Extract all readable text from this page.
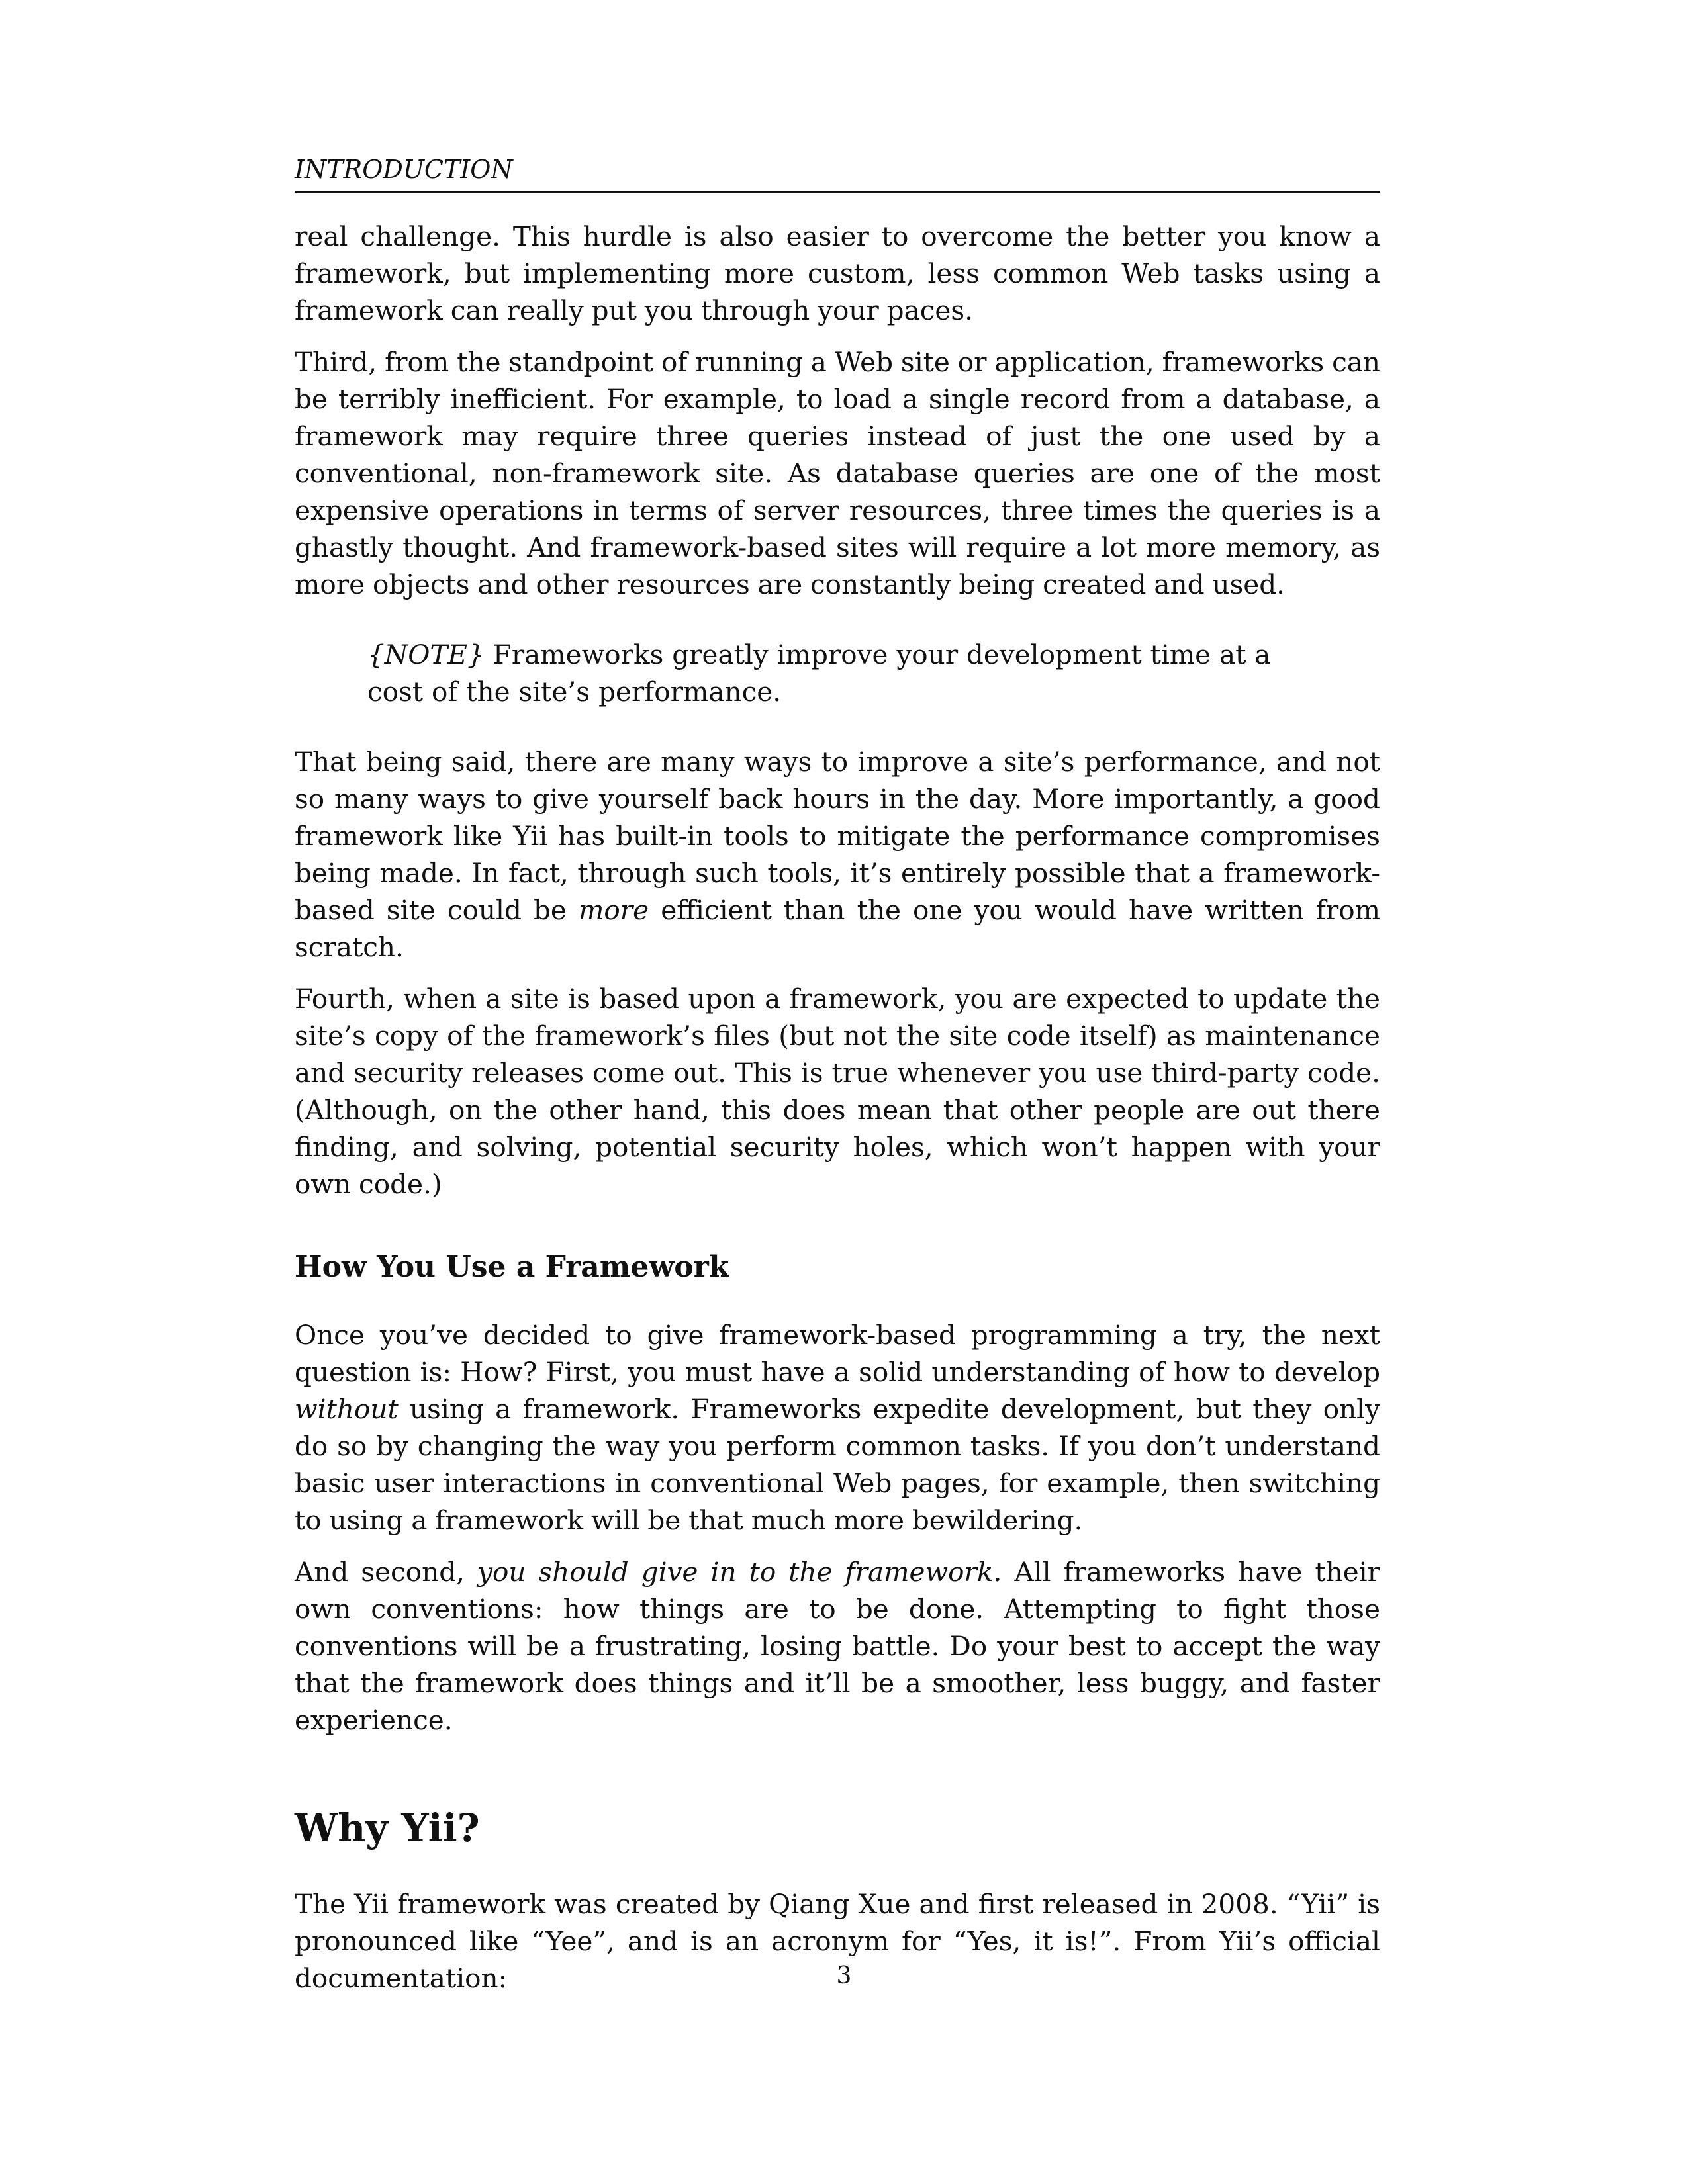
INTRODUCTION

real challenge. This hurdle is also easier to overcome the better you know a framework, but implementing more custom, less common Web tasks using a framework can really put you through your paces.

Third, from the standpoint of running a Web site or application, frameworks can be terribly inefficient. For example, to load a single record from a database, a framework may require three queries instead of just the one used by a conventional, non-framework site. As database queries are one of the most expensive operations in terms of server resources, three times the queries is a ghastly thought. And framework-based sites will require a lot more memory, as more objects and other resources are constantly being created and used.

{NOTE} Frameworks greatly improve your development time at a cost of the site’s performance.

That being said, there are many ways to improve a site’s performance, and not so many ways to give yourself back hours in the day. More importantly, a good framework like Yii has built-in tools to mitigate the performance compromises being made. In fact, through such tools, it’s entirely possible that a framework-based site could be more efficient than the one you would have written from scratch.

Fourth, when a site is based upon a framework, you are expected to update the site’s copy of the framework’s files (but not the site code itself) as maintenance and security releases come out. This is true whenever you use third-party code. (Although, on the other hand, this does mean that other people are out there finding, and solving, potential security holes, which won’t happen with your own code.)

How You Use a Framework

Once you’ve decided to give framework-based programming a try, the next question is: How? First, you must have a solid understanding of how to develop without using a framework. Frameworks expedite development, but they only do so by changing the way you perform common tasks. If you don’t understand basic user interactions in conventional Web pages, for example, then switching to using a framework will be that much more bewildering.

And second, you should give in to the framework. All frameworks have their own conventions: how things are to be done. Attempting to fight those conventions will be a frustrating, losing battle. Do your best to accept the way that the framework does things and it’ll be a smoother, less buggy, and faster experience.

Why Yii?

The Yii framework was created by Qiang Xue and first released in 2008. “Yii” is pronounced like “Yee”, and is an acronym for “Yes, it is!”. From Yii’s official documentation:	3
